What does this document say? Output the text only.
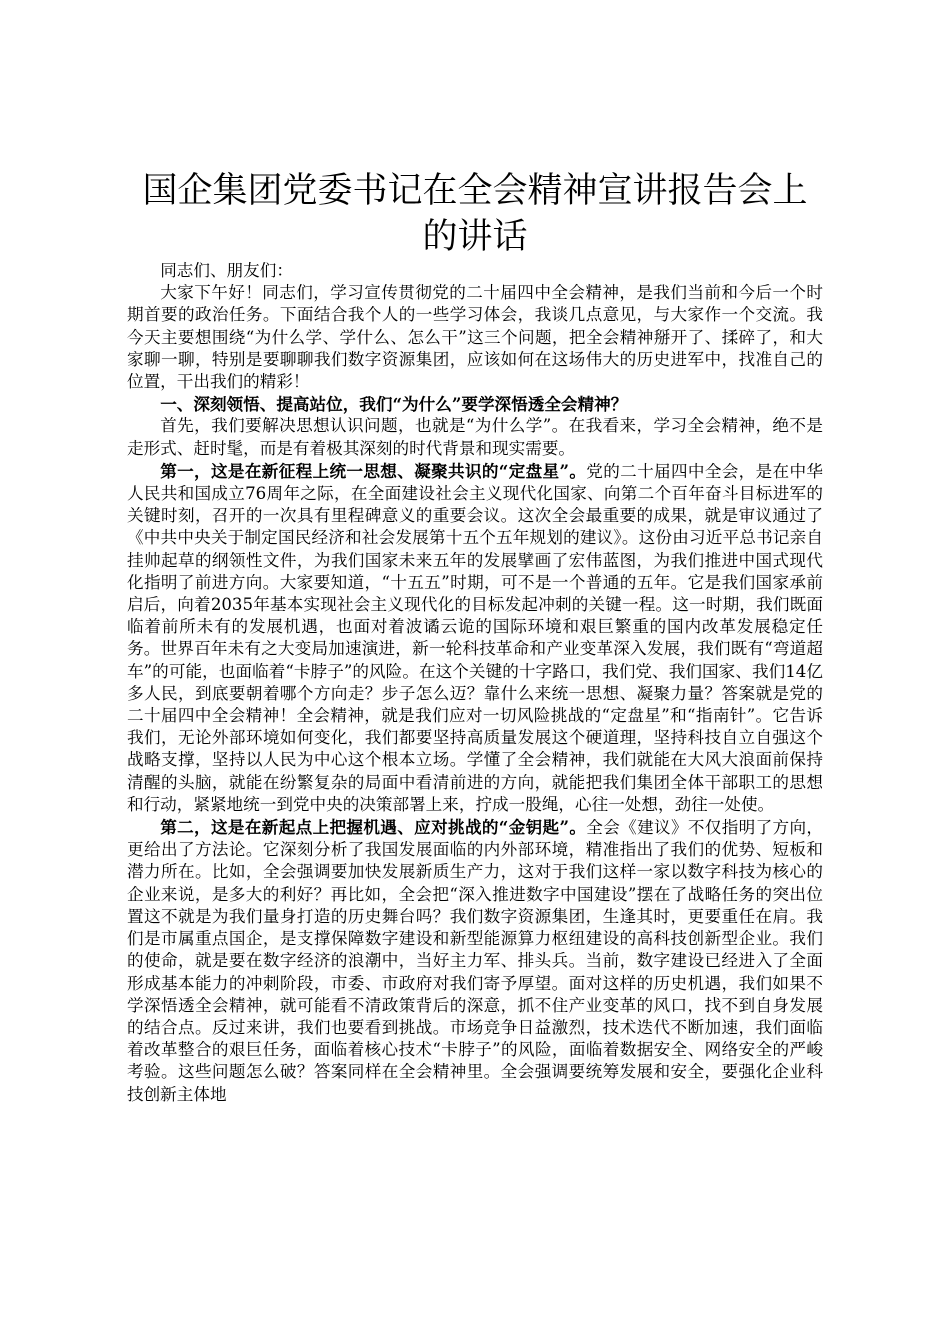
国企集团党委书记在全会精神宣讲报告会上的讲话

同志们、朋友们：

大家下午好！同志们，学习宣传贯彻党的二十届四中全会精神，是我们当前和今后一个时期首要的政治任务。下面结合我个人的一些学习体会，我谈几点意见，与大家作一个交流。我今天主要想围绕“为什么学、学什么、怎么干”这三个问题，把全会精神掰开了、揉碎了，和大家聊一聊，特别是要聊聊我们数字资源集团，应该如何在这场伟大的历史进军中，找准自己的位置，干出我们的精彩！

一、深刻领悟、提高站位，我们“为什么”要学深悟透全会精神？

首先，我们要解决思想认识问题，也就是“为什么学”。在我看来，学习全会精神，绝不是走形式、赶时髦，而是有着极其深刻的时代背景和现实需要。

第一，这是在新征程上统一思想、凝聚共识的“定盘星”。党的二十届四中全会，是在中华人民共和国成立76周年之际，在全面建设社会主义现代化国家、向第二个百年奋斗目标进军的关键时刻，召开的一次具有里程碑意义的重要会议。这次全会最重要的成果，就是审议通过了《中共中央关于制定国民经济和社会发展第十五个五年规划的建议》。这份由习近平总书记亲自挂帅起草的纲领性文件，为我们国家未来五年的发展擘画了宏伟蓝图，为我们推进中国式现代化指明了前进方向。大家要知道，“十五五”时期，可不是一个普通的五年。它是我们国家承前启后，向着2035年基本实现社会主义现代化的目标发起冲刺的关键一程。这一时期，我们既面临着前所未有的发展机遇，也面对着波谲云诡的国际环境和艰巨繁重的国内改革发展稳定任务。世界百年未有之大变局加速演进，新一轮科技革命和产业变革深入发展，我们既有“弯道超车”的可能，也面临着“卡脖子”的风险。在这个关键的十字路口，我们党、我们国家、我们14亿多人民，到底要朝着哪个方向走？步子怎么迈？靠什么来统一思想、凝聚力量？答案就是党的二十届四中全会精神！全会精神，就是我们应对一切风险挑战的“定盘星”和“指南针”。它告诉我们，无论外部环境如何变化，我们都要坚持高质量发展这个硬道理，坚持科技自立自强这个战略支撑，坚持以人民为中心这个根本立场。学懂了全会精神，我们就能在大风大浪面前保持清醒的头脑，就能在纷繁复杂的局面中看清前进的方向，就能把我们集团全体干部职工的思想和行动，紧紧地统一到党中央的决策部署上来，拧成一股绳，心往一处想，劲往一处使。

第二，这是在新起点上把握机遇、应对挑战的“金钥匙”。全会《建议》不仅指明了方向，更给出了方法论。它深刻分析了我国发展面临的内外部环境，精准指出了我们的优势、短板和潜力所在。比如，全会强调要加快发展新质生产力，这对于我们这样一家以数字科技为核心的企业来说，是多大的利好？再比如，全会把“深入推进数字中国建设”摆在了战略任务的突出位置这不就是为我们量身打造的历史舞台吗？我们数字资源集团，生逢其时，更要重任在肩。我们是市属重点国企，是支撑保障数字建设和新型能源算力枢纽建设的高科技创新型企业。我们的使命，就是要在数字经济的浪潮中，当好主力军、排头兵。当前，数字建设已经进入了全面形成基本能力的冲刺阶段，市委、市政府对我们寄予厚望。面对这样的历史机遇，我们如果不学深悟透全会精神，就可能看不清政策背后的深意，抓不住产业变革的风口，找不到自身发展的结合点。反过来讲，我们也要看到挑战。市场竞争日益激烈，技术迭代不断加速，我们面临着改革整合的艰巨任务，面临着核心技术“卡脖子”的风险，面临着数据安全、网络安全的严峻考验。这些问题怎么破？答案同样在全会精神里。全会强调要统筹发展和安全，要强化企业科技创新主体地
